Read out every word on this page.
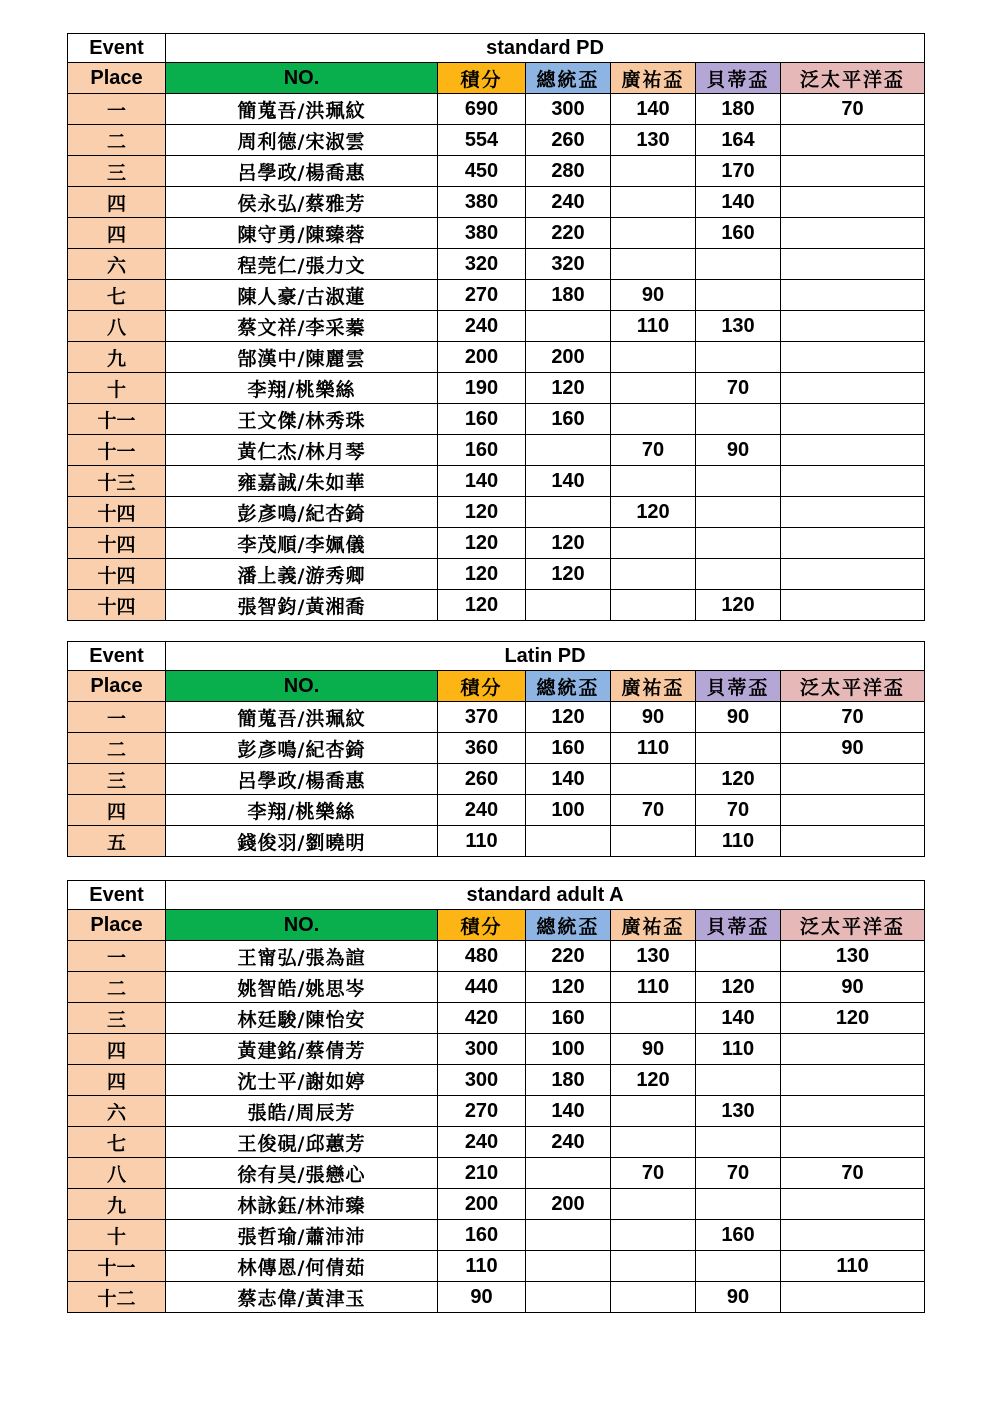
Event	standard PD					
Place	NO.	積分	總統盃	廣祐盃	貝蒂盃	泛太平洋盃
一	簡蒐吾/洪珮紋	690	300	140	180	70
二	周利德/宋淑雲	554	260	130	164	
三	呂學政/楊喬惠	450	280		170	
四	侯永弘/蔡雅芳	380	240		140	
四	陳守勇/陳臻蓉	380	220		160	
六	程莞仁/張力文	320	320			
七	陳人豪/古淑蓮	270	180	90		
八	蔡文祥/李采蓁	240		110	130	
九	郜漢中/陳麗雲	200	200			
十	李翔/桃樂絲	190	120		70	
十一	王文傑/林秀珠	160	160			
十一	黃仁杰/林月琴	160		70	90	
十三	雍嘉誠/朱如華	140	140			
十四	彭彥鳴/紀杏錡	120		120		
十四	李茂順/李姵儀	120	120			
十四	潘上義/游秀卿	120	120			
十四	張智鈞/黃湘喬	120			120	
Event	Latin PD					
Place	NO.	積分	總統盃	廣祐盃	貝蒂盃	泛太平洋盃
一	簡蒐吾/洪珮紋	370	120	90	90	70
二	彭彥鳴/紀杏錡	360	160	110		90
三	呂學政/楊喬惠	260	140		120	
四	李翔/桃樂絲	240	100	70	70	
五	錢俊羽/劉曉明	110			110	
Event	standard adult A					
Place	NO.	積分	總統盃	廣祐盃	貝蒂盃	泛太平洋盃
一	王甯弘/張為諠	480	220	130		130
二	姚智皓/姚思岑	440	120	110	120	90
三	林廷駿/陳怡安	420	160		140	120
四	黃建銘/蔡倩芳	300	100	90	110	
四	沈士平/謝如婷	300	180	120		
六	張皓/周辰芳	270	140		130	
七	王俊硯/邱蕙芳	240	240			
八	徐有昊/張戀心	210		70	70	70
九	林詠鈺/林沛臻	200	200			
十	張哲瑜/蕭沛沛	160			160	
十一	林傳恩/何倩茹	110				110
十二	蔡志偉/黃津玉	90			90	
